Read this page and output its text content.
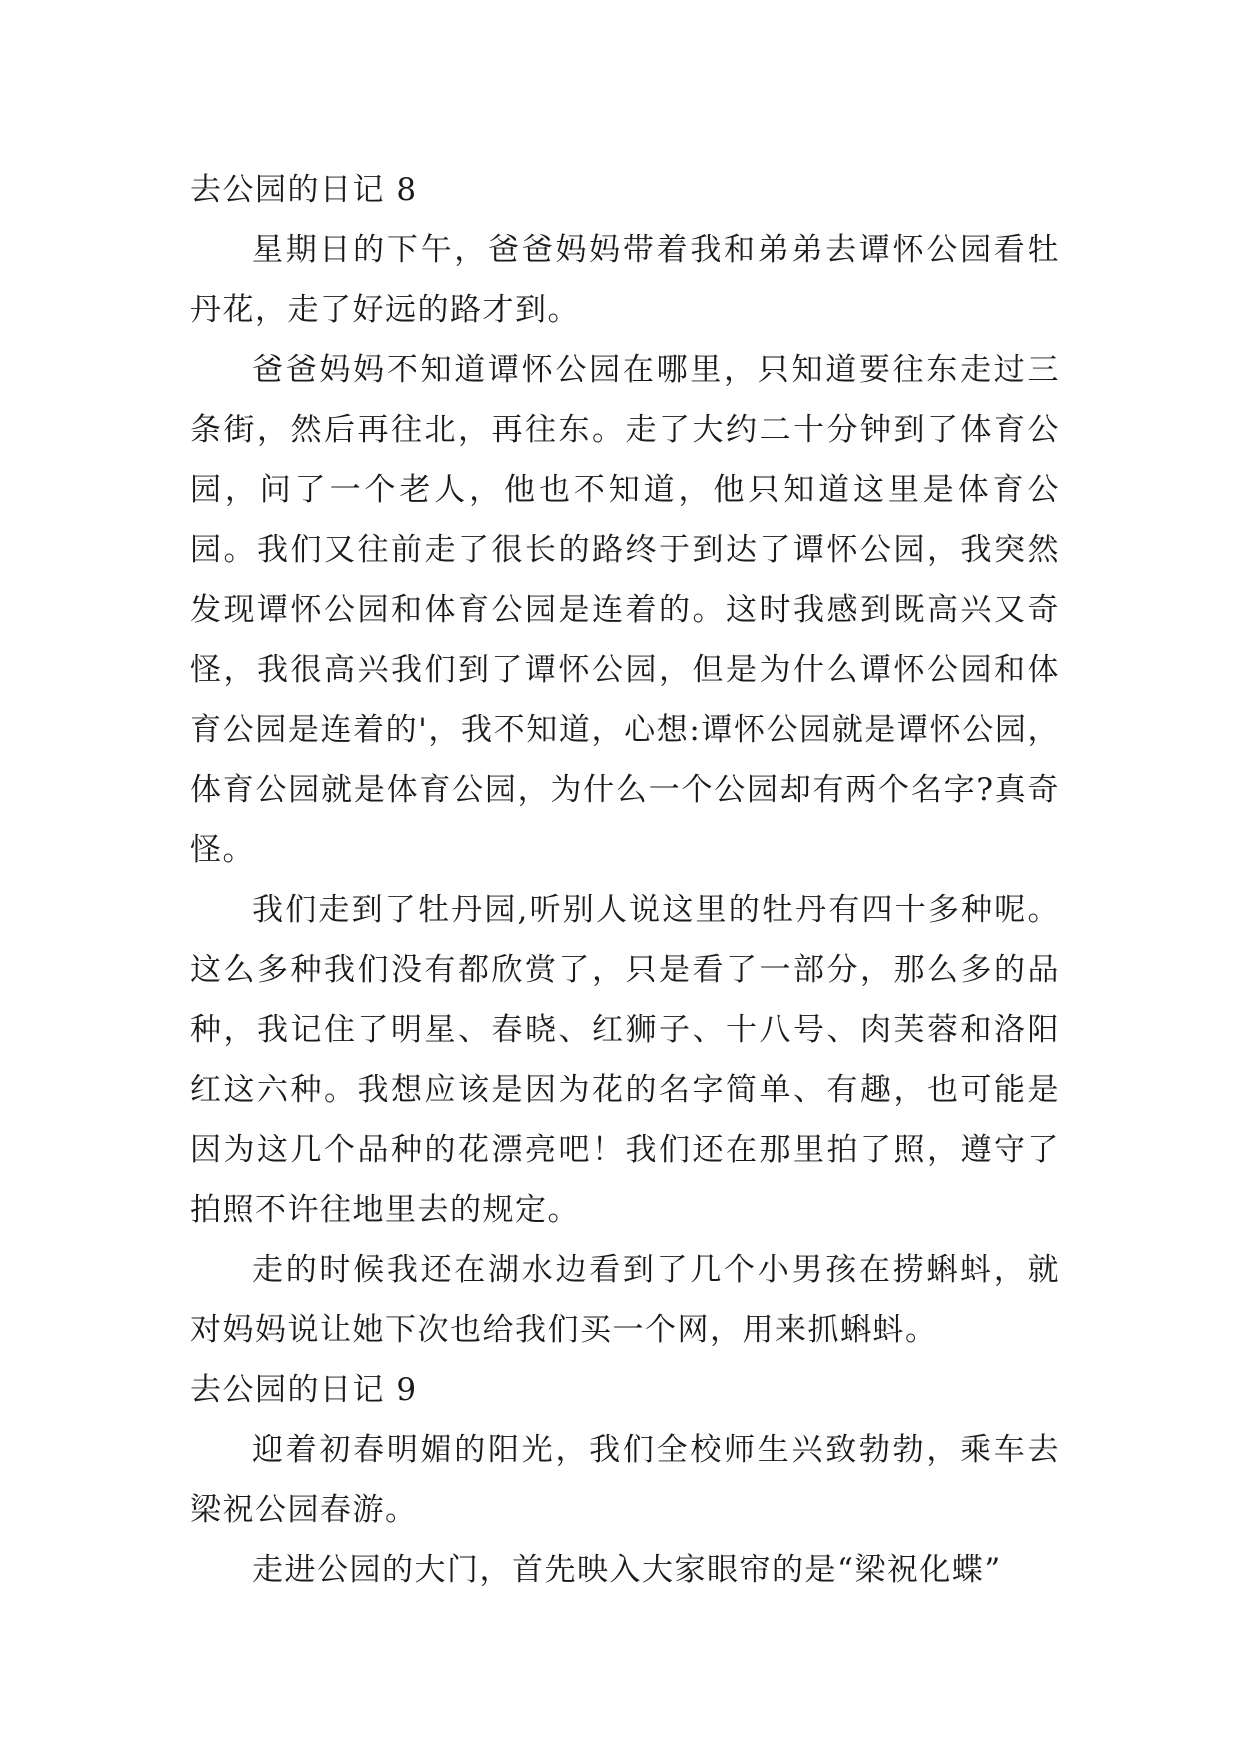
去公园的日记 8

星期日的下午，爸爸妈妈带着我和弟弟去谭怀公园看牡丹花，走了好远的路才到。

爸爸妈妈不知道谭怀公园在哪里，只知道要往东走过三条街，然后再往北，再往东。走了大约二十分钟到了体育公园，问了一个老人，他也不知道，他只知道这里是体育公园。我们又往前走了很长的路终于到达了谭怀公园，我突然发现谭怀公园和体育公园是连着的。这时我感到既高兴又奇怪，我很高兴我们到了谭怀公园，但是为什么谭怀公园和体育公园是连着的'，我不知道，心想:谭怀公园就是谭怀公园，体育公园就是体育公园，为什么一个公园却有两个名字?真奇怪。

我们走到了牡丹园,听别人说这里的牡丹有四十多种呢。这么多种我们没有都欣赏了，只是看了一部分，那么多的品种，我记住了明星、春晓、红狮子、十八号、肉芙蓉和洛阳红这六种。我想应该是因为花的名字简单、有趣，也可能是因为这几个品种的花漂亮吧！我们还在那里拍了照，遵守了拍照不许往地里去的规定。

走的时候我还在湖水边看到了几个小男孩在捞蝌蚪，就对妈妈说让她下次也给我们买一个网，用来抓蝌蚪。

去公园的日记 9

迎着初春明媚的阳光，我们全校师生兴致勃勃，乘车去梁祝公园春游。

走进公园的大门，首先映入大家眼帘的是“梁祝化蝶”
